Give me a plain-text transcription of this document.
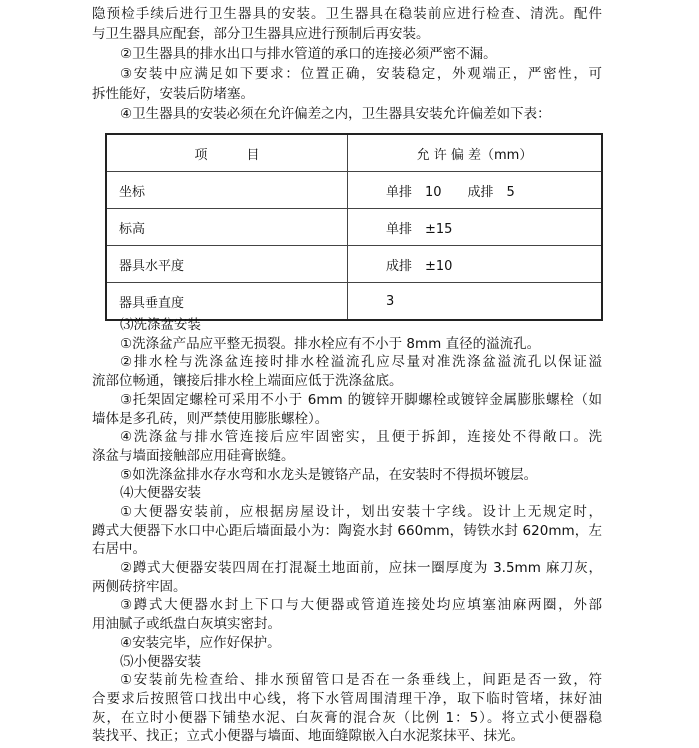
隐预检手续后进行卫生器具的安装。卫生器具在稳装前应进行检查、清洗。配件
与卫生器具应配套，部分卫生器具应进行预制后再安装。
②卫生器具的排水出口与排水管道的承口的连接必须严密不漏。
③安装中应满足如下要求：位置正确，安装稳定，外观端正，严密性，可
拆性能好，安装后防堵塞。
④卫生器具的安装必须在允许偏差之内，卫生器具安装允许偏差如下表：
项　　　目	允 许 偏 差（mm）
坐标	单排　10　　成排　5
标高	单排　±15
器具水平度	成排　±10
器具垂直度	3
⑶洗涤盆安装
①洗涤盆产品应平整无损裂。排水栓应有不小于 8mm 直径的溢流孔。
②排水栓与洗涤盆连接时排水栓溢流孔应尽量对准洗涤盆溢流孔以保证溢
流部位畅通，镶接后排水栓上端面应低于洗涤盆底。
③托架固定螺栓可采用不小于 6mm 的镀锌开脚螺栓或镀锌金属膨胀螺栓（如
墙体是多孔砖，则严禁使用膨胀螺栓）。
④洗涤盆与排水管连接后应牢固密实，且便于拆卸，连接处不得敞口。洗
涤盆与墙面接触部应用硅膏嵌缝。
⑤如洗涤盆排水存水弯和水龙头是镀铬产品，在安装时不得损坏镀层。
⑷大便器安装
①大便器安装前，应根据房屋设计，划出安装十字线。设计上无规定时，
蹲式大便器下水口中心距后墙面最小为：陶瓷水封 660mm，铸铁水封 620mm，左
右居中。
②蹲式大便器安装四周在打混凝土地面前，应抹一圈厚度为 3.5mm 麻刀灰，
两侧砖挤牢固。
③蹲式大便器水封上下口与大便器或管道连接处均应填塞油麻两圈，外部
用油腻子或纸盘白灰填实密封。
④安装完毕，应作好保护。
⑸小便器安装
①安装前先检查给、排水预留管口是否在一条垂线上，间距是否一致，符
合要求后按照管口找出中心线，将下水管周围清理干净，取下临时管堵，抹好油
灰，在立时小便器下铺垫水泥、白灰膏的混合灰（比例 1：5）。将立式小便器稳
装找平、找正；立式小便器与墙面、地面缝隙嵌入白水泥浆抹平、抹光。
